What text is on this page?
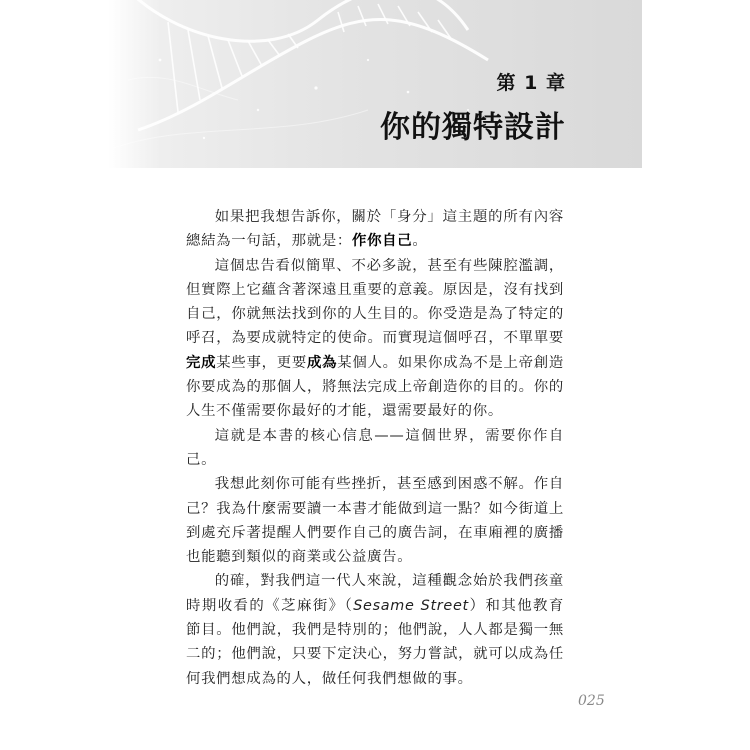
第 1 章
你的獨特設計

如果把我想告訴你，關於「身分」這主題的所有內容總結為一句話，那就是：作你自己。

這個忠告看似簡單、不必多說，甚至有些陳腔濫調，但實際上它蘊含著深遠且重要的意義。原因是，沒有找到自己，你就無法找到你的人生目的。你受造是為了特定的呼召，為要成就特定的使命。而實現這個呼召，不單單要完成某些事，更要成為某個人。如果你成為不是上帝創造你要成為的那個人，將無法完成上帝創造你的目的。你的人生不僅需要你最好的才能，還需要最好的你。

這就是本書的核心信息——這個世界，需要你作自己。

我想此刻你可能有些挫折，甚至感到困惑不解。作自己？我為什麼需要讀一本書才能做到這一點？如今街道上到處充斥著提醒人們要作自己的廣告詞，在車廂裡的廣播也能聽到類似的商業或公益廣告。

的確，對我們這一代人來說，這種觀念始於我們孩童時期收看的《芝麻街》（Sesame Street）和其他教育節目。他們說，我們是特別的；他們說，人人都是獨一無二的；他們說，只要下定決心，努力嘗試，就可以成為任何我們想成為的人，做任何我們想做的事。

025
